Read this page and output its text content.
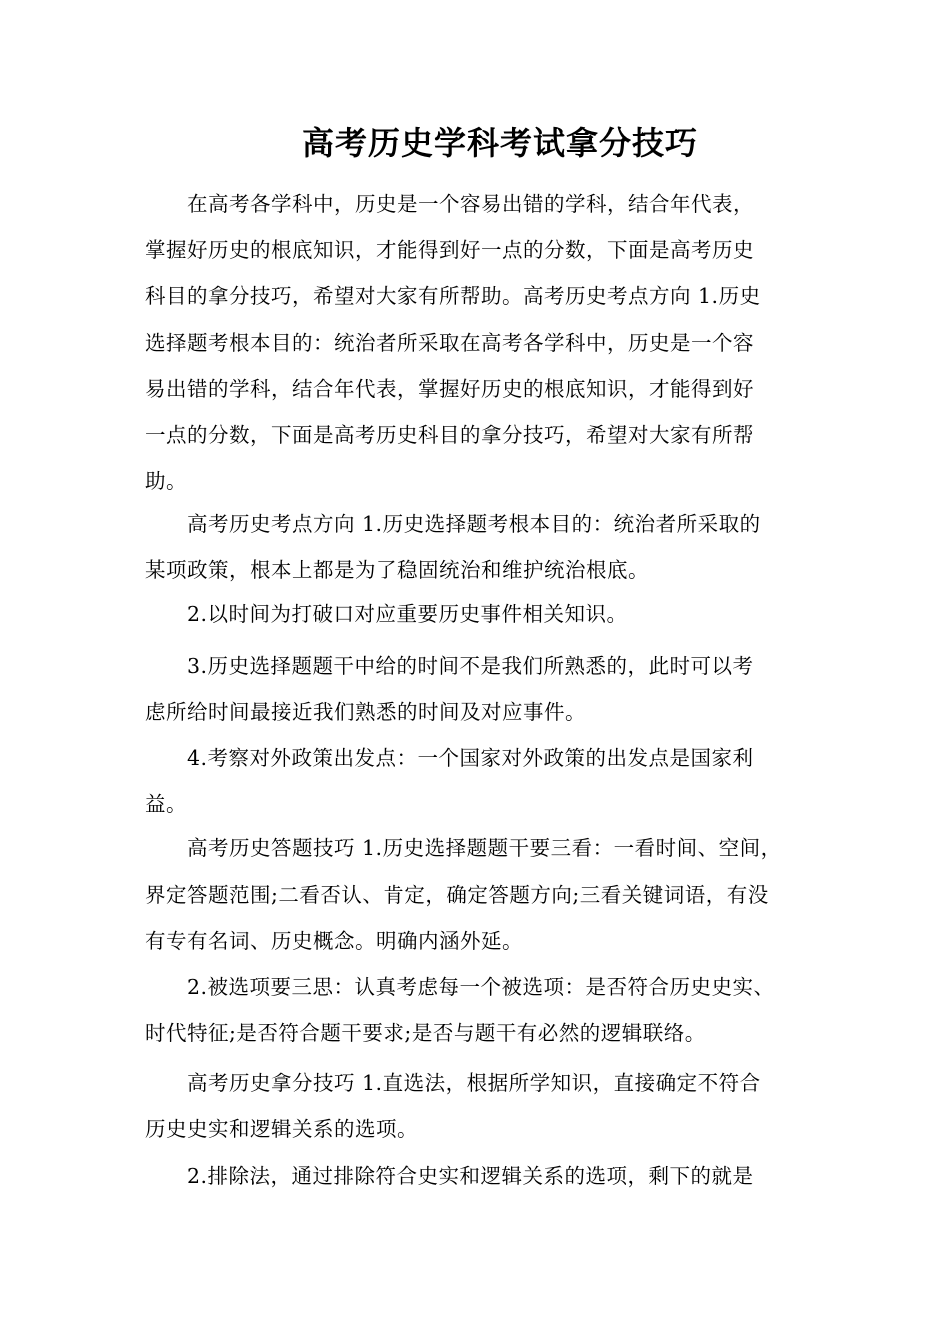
高考历史学科考试拿分技巧
　　在高考各学科中，历史是一个容易出错的学科，结合年代表，
掌握好历史的根底知识，才能得到好一点的分数，下面是高考历史
科目的拿分技巧，希望对大家有所帮助。高考历史考点方向 1.历史
选择题考根本目的：统治者所采取在高考各学科中，历史是一个容
易出错的学科，结合年代表，掌握好历史的根底知识，才能得到好
一点的分数，下面是高考历史科目的拿分技巧，希望对大家有所帮
助。
　　高考历史考点方向 1.历史选择题考根本目的：统治者所采取的
某项政策，根本上都是为了稳固统治和维护统治根底。
　　2.以时间为打破口对应重要历史事件相关知识。
　　3.历史选择题题干中给的时间不是我们所熟悉的，此时可以考
虑所给时间最接近我们熟悉的时间及对应事件。
　　4.考察对外政策出发点：一个国家对外政策的出发点是国家利
益。
　　高考历史答题技巧 1.历史选择题题干要三看：一看时间、空间，
界定答题范围;二看否认、肯定，确定答题方向;三看关键词语，有没
有专有名词、历史概念。明确内涵外延。
　　2.被选项要三思：认真考虑每一个被选项：是否符合历史史实、
时代特征;是否符合题干要求;是否与题干有必然的逻辑联络。
　　高考历史拿分技巧 1.直选法，根据所学知识，直接确定不符合
历史史实和逻辑关系的选项。
　　2.排除法，通过排除符合史实和逻辑关系的选项，剩下的就是
